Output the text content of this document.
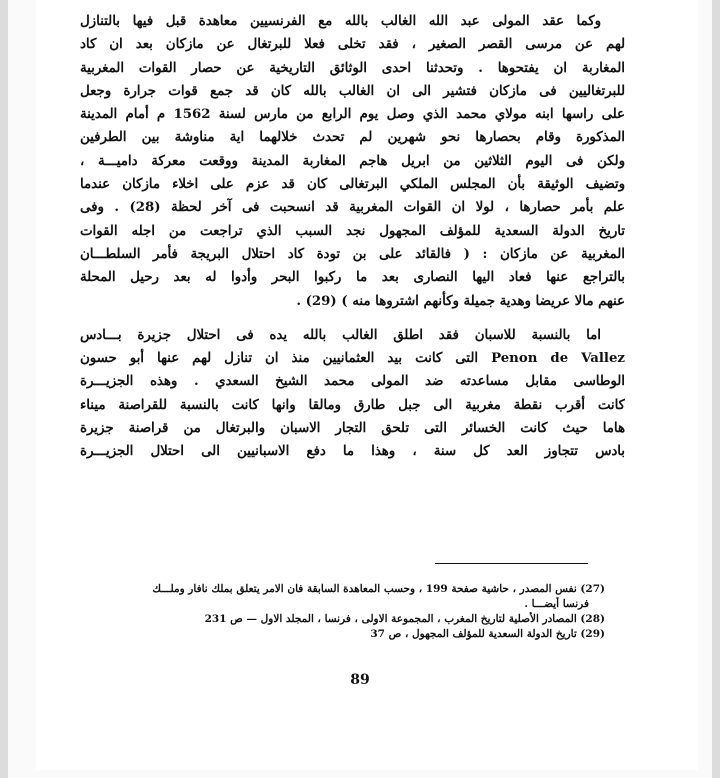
وكما عقد المولى عبد الله الغالب بالله مع الفرنسيين معاهدة قبل فيها بالتنازل
لهم عن مرسى القصر الصغير ، فقد تخلى فعلا للبرتغال عن مازكان بعد ان كاد
المغاربة ان يفتحوها . وتحدثنا احدى الوثائق التاريخية عن حصار القوات المغربية
للبرتغاليين فى مازكان فتشير الى ان الغالب بالله كان قد جمع قوات جرارة وجعل
على راسها ابنه مولاي محمد الذي وصل يوم الرابع من مارس لسنة 1562 م أمام المدينة
المذكورة وقام بحصارها نحو شهرين لم تحدث خلالهما اية مناوشة بين الطرفين
ولكن فى اليوم الثلاثين من ابريل هاجم المغاربة المدينة ووقعت معركة داميـــة ،
وتضيف الوثيقة بأن المجلس الملكي البرتغالى كان قد عزم على اخلاء مازكان عندما
علم بأمر حصارها ، لولا ان القوات المغربية قد انسحبت فى آخر لحظة (28) . وفى
تاريخ الدولة السعدية للمؤلف المجهول نجد السبب الذي تراجعت من اجله القوات
المغربية عن مازكان : ( فالقائد على بن تودة كاد احتلال البريجة فأمر السلطـــان
بالتراجع عنها فعاد اليها النصارى بعد ما ركبوا البحر وأدوا له بعد رحيل المحلة
عنهم مالا عريضا وهدية جميلة وكأنهم اشتروها منه ) (29) .
اما بالنسبة للاسبان فقد اطلق الغالب بالله يده فى احتلال جزيرة بـــادس
Penon de Vallez التى كانت بيد العثمانيين منذ ان تنازل لهم عنها أبو حسون
الوطاسى مقابل مساعدته ضد المولى محمد الشيخ السعدي . وهذه الجزيـــرة
كانت أقرب نقطة مغربية الى جبل طارق ومالقا وانها كانت بالنسبة للقراصنة ميناء
هاما حيث كانت الخسائر التى تلحق التجار الاسبان والبرتغال من قراصنة جزيرة
بادس تتجاوز العد كل سنة ، وهذا ما دفع الاسبانيين الى احتلال الجزيـــرة
(27) نفس المصدر ، حاشية صفحة 199 ، وحسب المعاهدة السابقة فان الامر يتعلق بملك نافار وملـــك
فرنسا أيضـــا .
(28) المصادر الأصلية لتاريخ المغرب ، المجموعة الاولى ، فرنسا ، المجلد الاول — ص 231
(29) تاريخ الدولة السعدية للمؤلف المجهول ، ص 37
89
